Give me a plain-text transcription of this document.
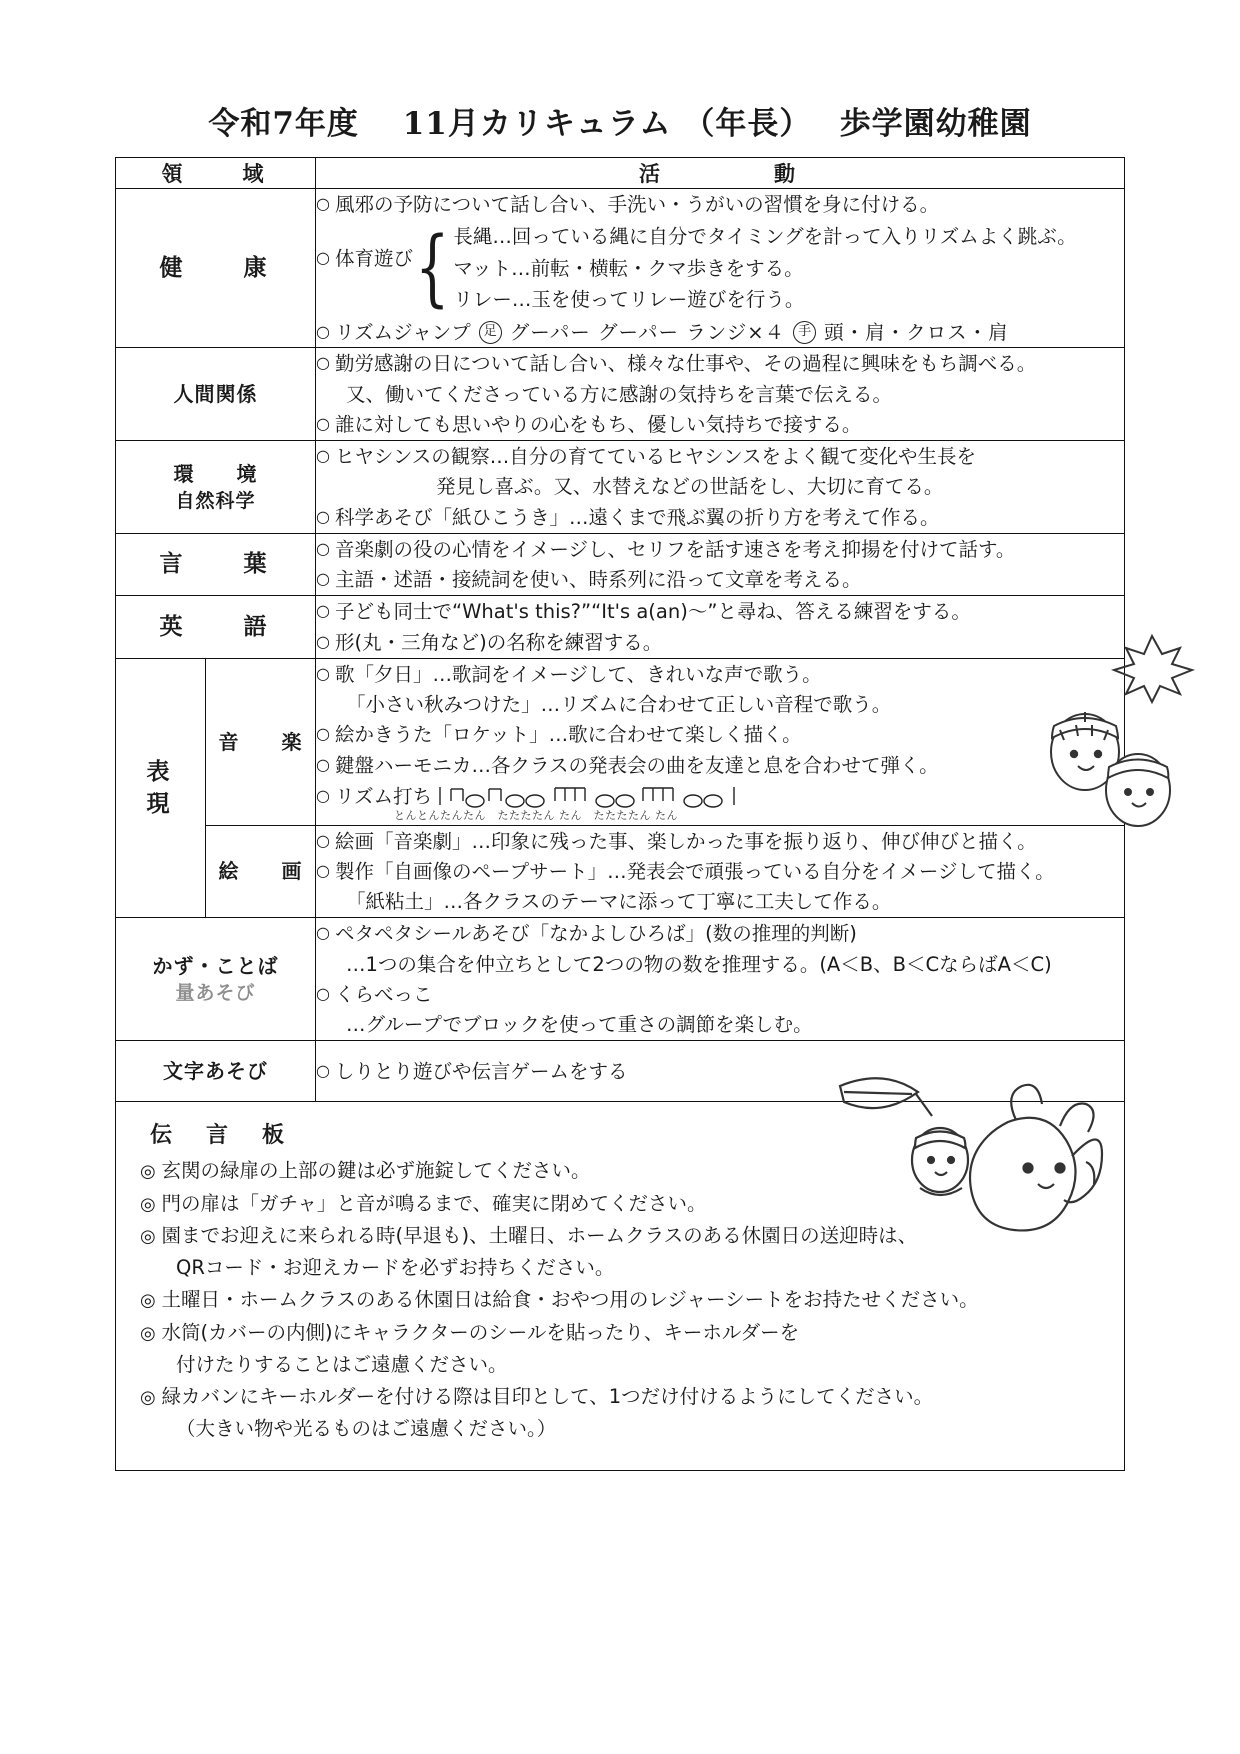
令和7年度　 11月カリキュラム （年長）　 歩学園幼稚園
領　　域		活　　　　動
健　　康	
○ 風邪の予防について話し合い、手洗い・うがいの習慣を身に付ける。
○ 体育遊び { 長縄…回っている縄に自分でタイミングを計って入りリズムよく跳ぶ。
マット…前転・横転・クマ歩きをする。
リレー…玉を使ってリレー遊びを行う。
○ リズムジャンプ 足 グーパー グーパー ランジ×４ 手 頭・肩・クロス・肩

人間関係		○ 勤労感謝の日について話し合い、様々な仕事や、その過程に興味をもち調べる。
又、働いてくださっている方に感謝の気持ちを言葉で伝える。
○ 誰に対しても思いやりの心をもち、優しい気持ちで接する。

環　　境
自然科学		○ ヒヤシンスの観察…自分の育てているヒヤシンスをよく観て変化や生長を
発見し喜ぶ。又、水替えなどの世話をし、大切に育てる。
○ 科学あそび「紙ひこうき」…遠くまで飛ぶ翼の折り方を考えて作る。

言　　葉		○ 音楽劇の役の心情をイメージし、セリフを話す速さを考え抑揚を付けて話す。
○ 主語・述語・接続詞を使い、時系列に沿って文章を考える。

英　　語		○ 子ども同士で“What's this?”“It's a(an)〜”と尋ね、答える練習をする。
○ 形(丸・三角など)の名称を練習する。

表　　現	音　　楽	
○ 歌「夕日」…歌詞をイメージして、きれいな声で歌う。
「小さい秋みつけた」…リズムに合わせて正しい音程で歌う。
○ 絵かきうた「ロケット」…歌に合わせて楽しく描く。
○ 鍵盤ハーモニカ…各クラスの発表会の曲を友達と息を合わせて弾く。
○ リズム打ち
とんとんたんたん　たたたたん たん　たたたたん たん

	絵　　画	○ 絵画「音楽劇」…印象に残った事、楽しかった事を振り返り、伸び伸びと描く。
○ 製作「自画像のペープサート」…発表会で頑張っている自分をイメージして描く。
「紙粘土」…各クラスのテーマに添って丁寧に工夫して作る。

かず・ことば
量あそび		○ ペタペタシールあそび「なかよしひろば」(数の推理的判断)
…1つの集合を仲立ちとして2つの物の数を推理する。(A＜B、B＜CならばA＜C)
○ くらべっこ
…グループでブロックを使って重さの調節を楽しむ。

文字あそび		○ しりとり遊びや伝言ゲームをする
伝　言　板
◎ 玄関の緑扉の上部の鍵は必ず施錠してください。
◎ 門の扉は「ガチャ」と音が鳴るまで、確実に閉めてください。
◎ 園までお迎えに来られる時(早退も)、土曜日、ホームクラスのある休園日の送迎時は、
QRコード・お迎えカードを必ずお持ちください。
◎ 土曜日・ホームクラスのある休園日は給食・おやつ用のレジャーシートをお持たせください。
◎ 水筒(カバーの内側)にキャラクターのシールを貼ったり、キーホルダーを
付けたりすることはご遠慮ください。
◎ 緑カバンにキーホルダーを付ける際は目印として、1つだけ付けるようにしてください。
（大きい物や光るものはご遠慮ください。）
